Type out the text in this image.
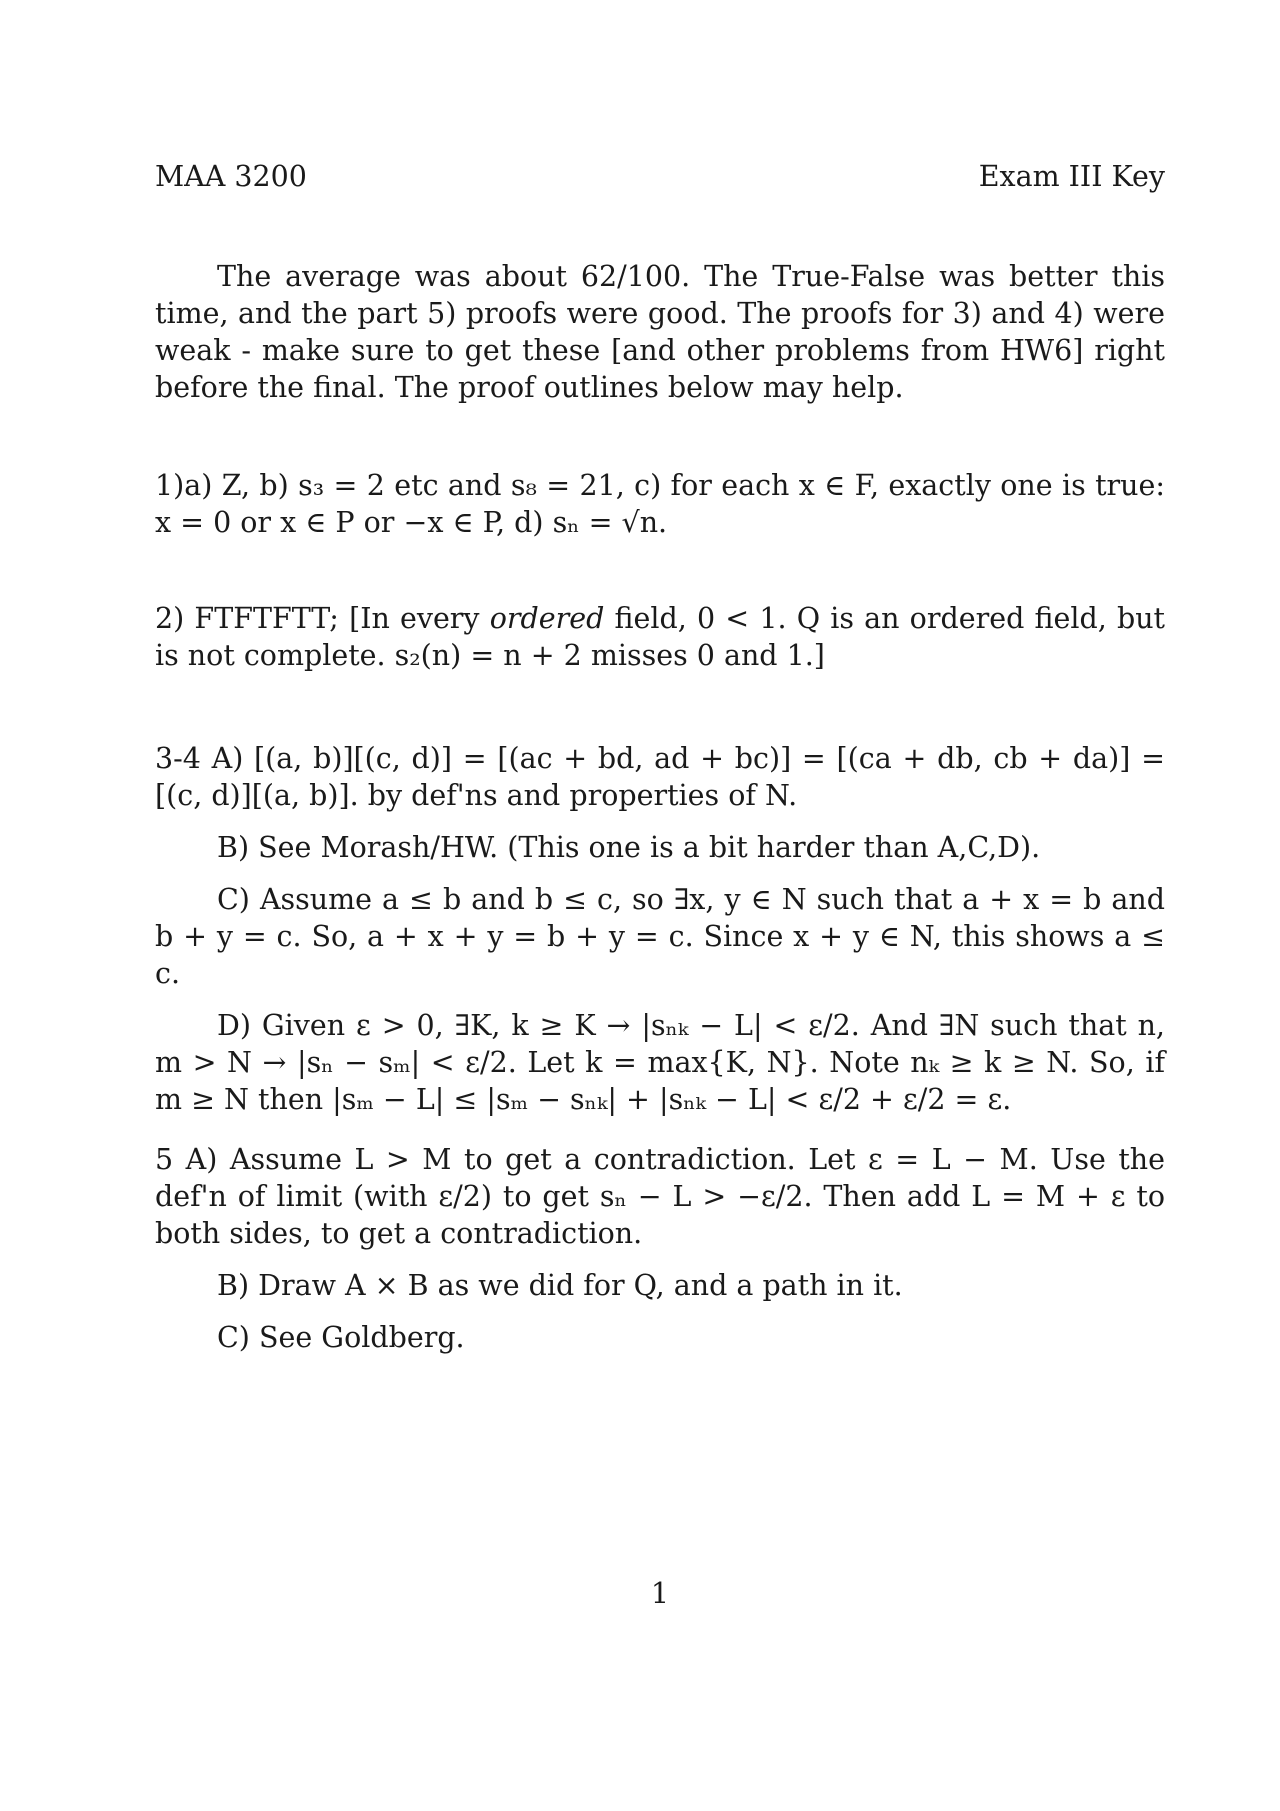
MAA 3200	Exam III Key
The average was about 62/100. The True-False was better this time, and the part 5) proofs were good. The proofs for 3) and 4) were weak - make sure to get these [and other problems from HW6] right before the final. The proof outlines below may help.
1)a) Z, b) s₃ = 2 etc and s₈ = 21, c) for each x ∈ F, exactly one is true: x = 0 or x ∈ P or −x ∈ P, d) sₙ = √n.
2) FTFTFTT; [In every ordered field, 0 < 1. Q is an ordered field, but is not complete. s₂(n) = n + 2 misses 0 and 1.]

3-4 A) [(a, b)][(c, d)] = [(ac + bd, ad + bc)] = [(ca + db, cb + da)] = [(c, d)][(a, b)]. by def'ns and properties of N.

B) See Morash/HW. (This one is a bit harder than A,C,D).

C) Assume a ≤ b and b ≤ c, so ∃x, y ∈ N such that a + x = b and b + y = c. So, a + x + y = b + y = c. Since x + y ∈ N, this shows a ≤ c.

D) Given ε > 0, ∃K, k ≥ K → |sₙₖ − L| < ε/2. And ∃N such that n, m > N → |sₙ − sₘ| < ε/2. Let k = max{K, N}. Note nₖ ≥ k ≥ N. So, if m ≥ N then |sₘ − L| ≤ |sₘ − sₙₖ| + |sₙₖ − L| < ε/2 + ε/2 = ε.

5 A) Assume L > M to get a contradiction. Let ε = L − M. Use the def'n of limit (with ε/2) to get sₙ − L > −ε/2. Then add L = M + ε to both sides, to get a contradiction.

B) Draw A × B as we did for Q, and a path in it.

C) See Goldberg.

1
